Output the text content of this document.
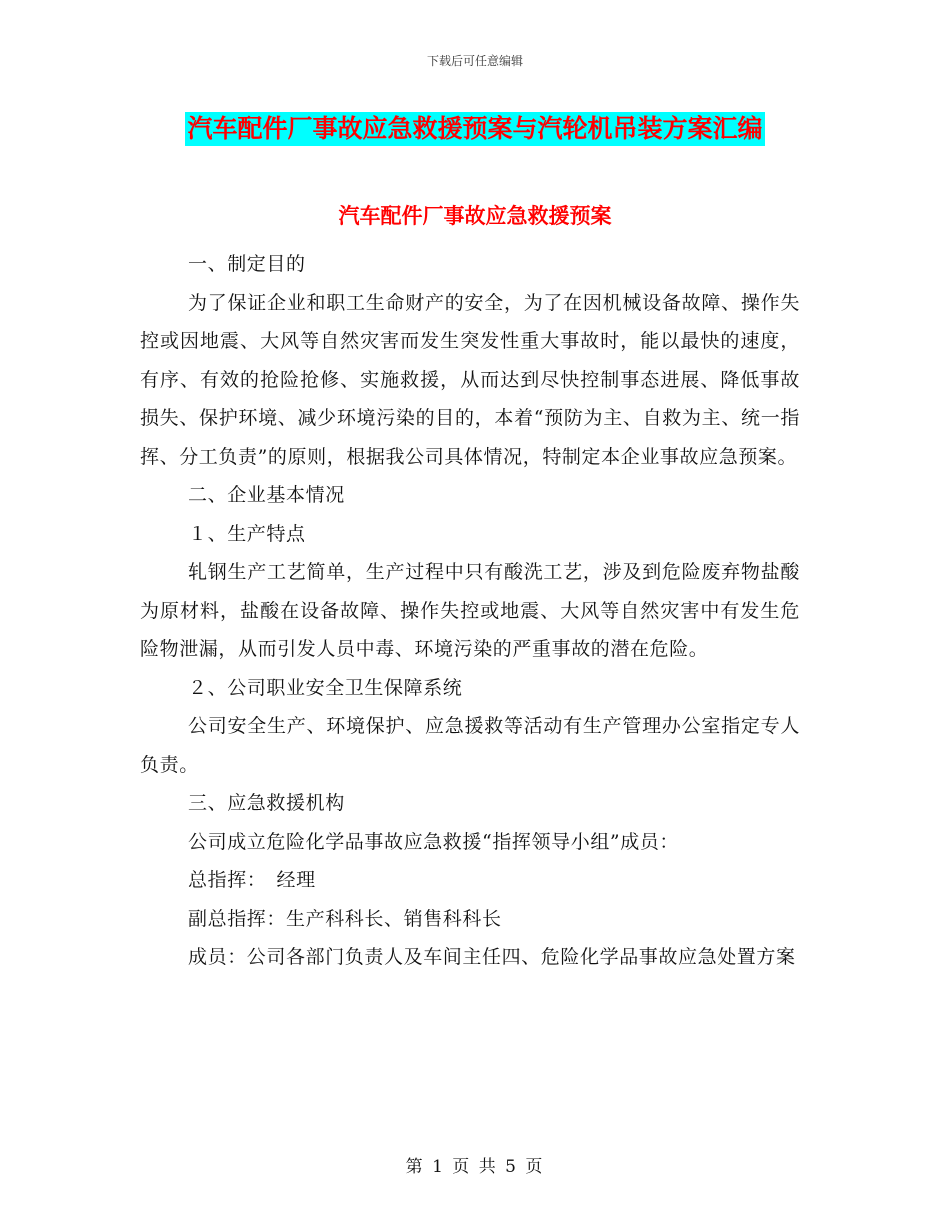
下载后可任意编辑
汽车配件厂事故应急救援预案与汽轮机吊装方案汇编
汽车配件厂事故应急救援预案

一、制定目的

为了保证企业和职工生命财产的安全，为了在因机械设备故障、操作失控或因地震、大风等自然灾害而发生突发性重大事故时，能以最快的速度，有序、有效的抢险抢修、实施救援，从而达到尽快控制事态进展、降低事故损失、保护环境、减少环境污染的目的，本着“预防为主、自救为主、统一指挥、分工负责”的原则，根据我公司具体情况，特制定本企业事故应急预案。

二、企业基本情况

１、生产特点

轧钢生产工艺简单，生产过程中只有酸洗工艺，涉及到危险废弃物盐酸为原材料，盐酸在设备故障、操作失控或地震、大风等自然灾害中有发生危险物泄漏，从而引发人员中毒、环境污染的严重事故的潜在危险。

２、公司职业安全卫生保障系统

公司安全生产、环境保护、应急援救等活动有生产管理办公室指定专人负责。

三、应急救援机构

公司成立危险化学品事故应急救援“指挥领导小组”成员：

总指挥：　经理

副总指挥：生产科科长、销售科科长

成员：公司各部门负责人及车间主任四、危险化学品事故应急处置方案

第 1 页 共 5 页
